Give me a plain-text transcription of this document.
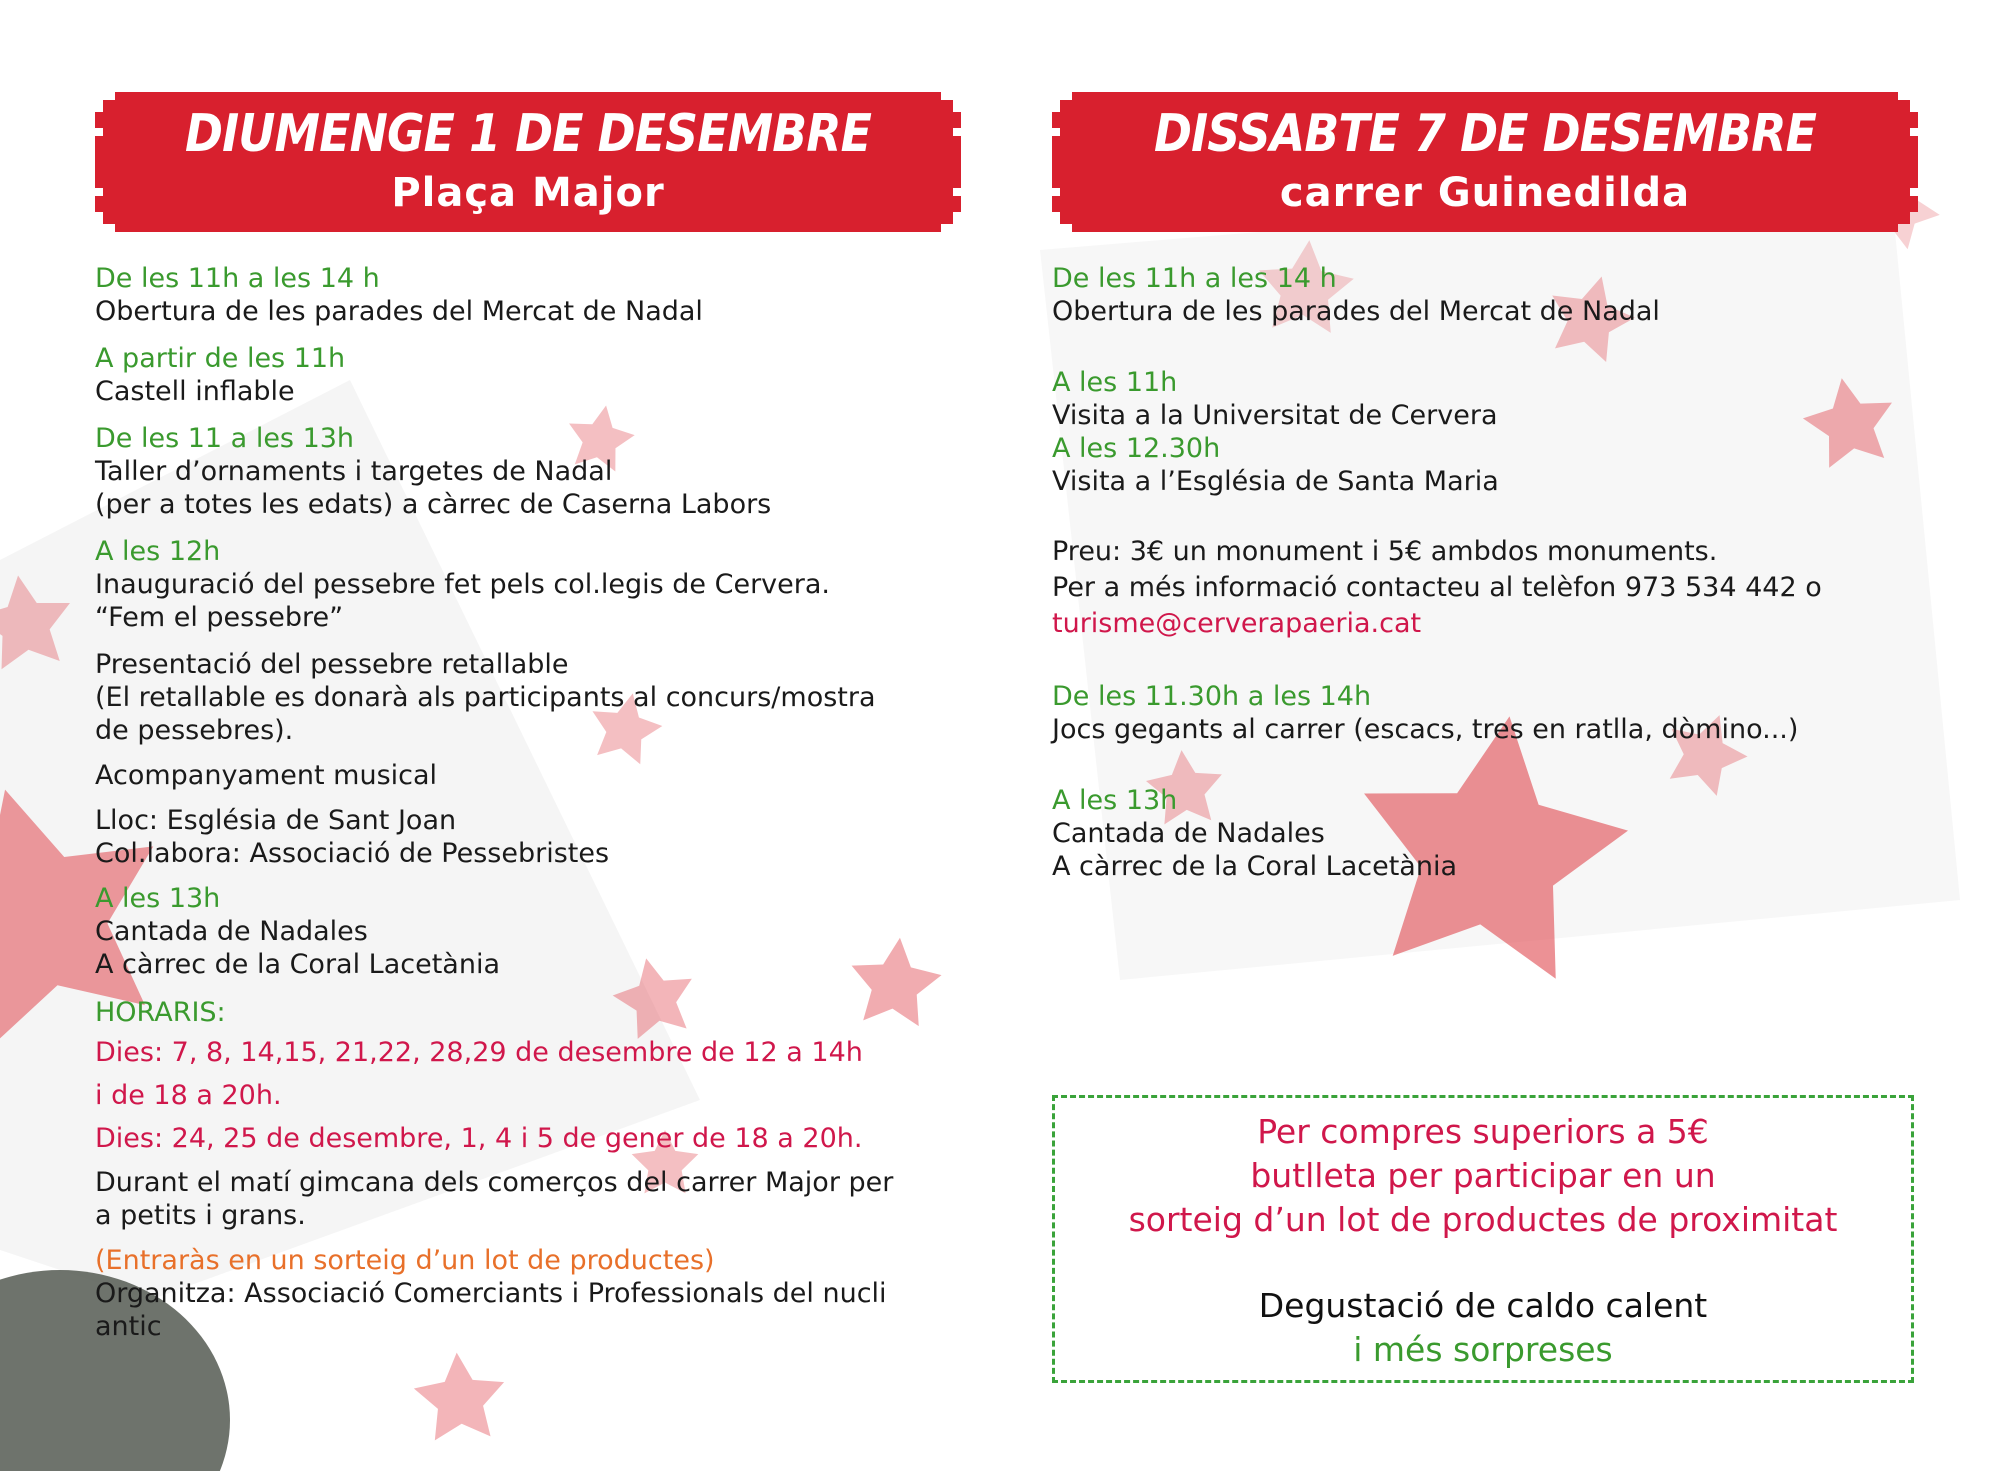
DIUMENGE 1 DE DESEMBRE
Plaça Major
De les 11h a les 14 h
Obertura de les parades del Mercat de Nadal
A partir de les 11h
Castell inflable
De les 11 a les 13h
Taller d’ornaments i targetes de Nadal
(per a totes les edats) a càrrec de Caserna Labors
A les 12h
Inauguració del pessebre fet pels col.legis de Cervera.
“Fem el pessebre”
Presentació del pessebre retallable
(El retallable es donarà als participants al concurs/mostra
de pessebres).
Acompanyament musical
Lloc: Església de Sant Joan
Col.labora: Associació de Pessebristes
A les 13h
Cantada de Nadales
A càrrec de la Coral Lacetània
HORARIS:
Dies: 7, 8, 14,15, 21,22, 28,29 de desembre de 12 a 14h
i de 18 a 20h.
Dies: 24, 25 de desembre, 1, 4 i 5 de gener de 18 a 20h.
Durant el matí gimcana dels comerços del carrer Major per
a petits i grans.
(Entraràs en un sorteig d’un lot de productes)
Organitza: Associació Comerciants i Professionals del nucli
antic
DISSABTE 7 DE DESEMBRE
carrer Guinedilda
De les 11h a les 14 h
Obertura de les parades del Mercat de Nadal
A les 11h
Visita a la Universitat de Cervera
A les 12.30h
Visita a l’Església de Santa Maria
Preu: 3€ un monument i 5€ ambdos monuments.
Per a més informació contacteu al telèfon 973 534 442 o
turisme@cerverapaeria.cat
De les 11.30h a les 14h
Jocs gegants al carrer (escacs, tres en ratlla, dòmino...)
A les 13h
Cantada de Nadales
A càrrec de la Coral Lacetània
Per compres superiors a 5€
butlleta per participar en un
sorteig d’un lot de productes de proximitat
Degustació de caldo calent
i més sorpreses
